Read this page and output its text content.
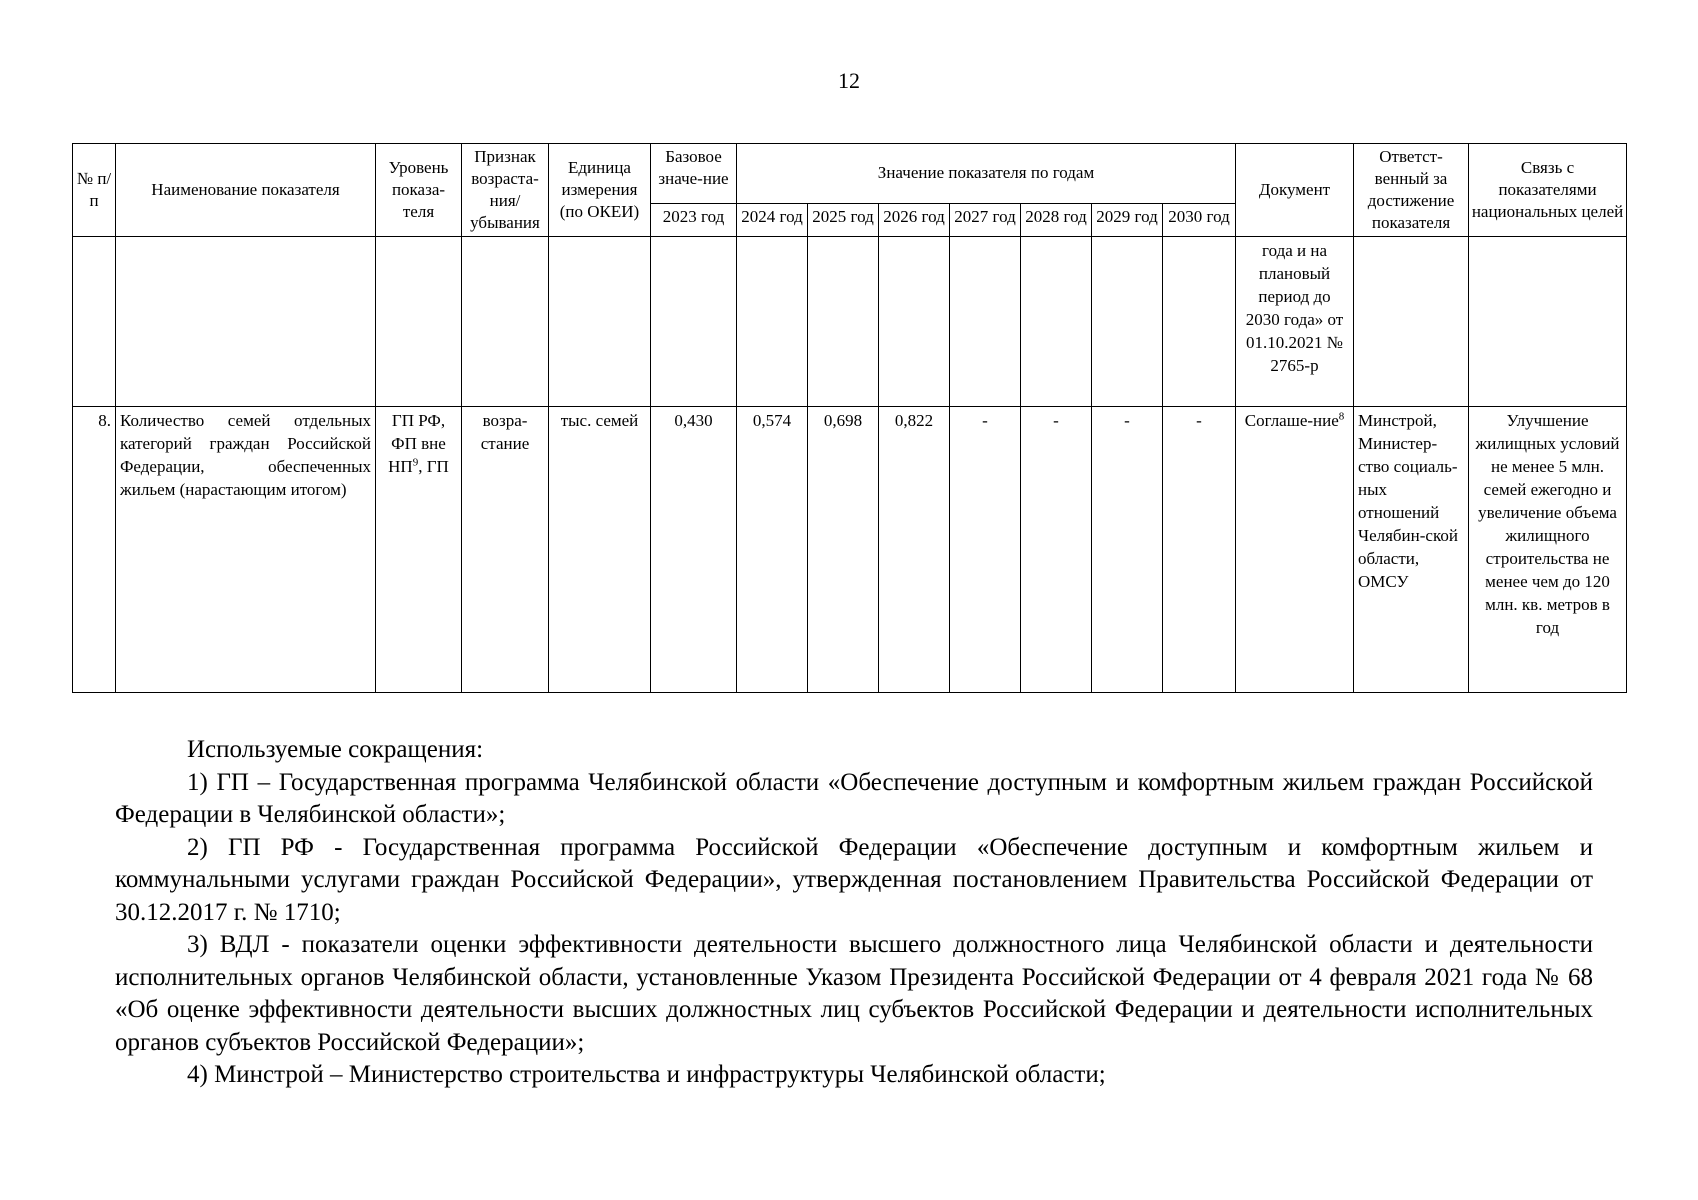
12
№ п/п	Наименование показателя	Уровень показа-теля	Признак возраста-ния/ убывания	Единица измерения (по ОКЕИ)	Базовое значе-ние	Значение показателя по годам							Документ	Ответст-венный за достижение показателя	Связь с показателями национальных целей
					2023 год	2024 год	2025 год	2026 год	2027 год	2028 год	2029 год	2030 год			
													года и на плановый период до 2030 года» от 01.10.2021 № 2765-р		
8.	Количество семей отдельных категорий граждан Российской Федерации, обеспеченных жильем (нарастающим итогом)	ГП РФ, ФП вне $НП^9$, ГП	возра-стание	тыс. семей	0,430	0,574	0,698	0,822	-	-	-	-	Соглаше-ние$^8$	Минстрой, Министер-ство социаль-ных отношений Челябин-ской области, ОМСУ	Улучшение жилищных условий не менее 5 млн. семей ежегодно и увеличение объема жилищного строительства не менее чем до 120 млн. кв. метров в год

Используемые сокращения:

1) ГП – Государственная программа Челябинской области «Обеспечение доступным и комфортным жильем граждан Российской Федерации в Челябинской области»;

2) ГП РФ - Государственная программа Российской Федерации «Обеспечение доступным и комфортным жильем и коммунальными услугами граждан Российской Федерации», утвержденная постановлением Правительства Российской Федерации от 30.12.2017 г. № 1710;

3) ВДЛ - показатели оценки эффективности деятельности высшего должностного лица Челябинской области и деятельности исполнительных органов Челябинской области, установленные Указом Президента Российской Федерации от 4 февраля 2021 года № 68 «Об оценке эффективности деятельности высших должностных лиц субъектов Российской Федерации и деятельности исполнительных органов субъектов Российской Федерации»;

4) Минстрой – Министерство строительства и инфраструктуры Челябинской области;
